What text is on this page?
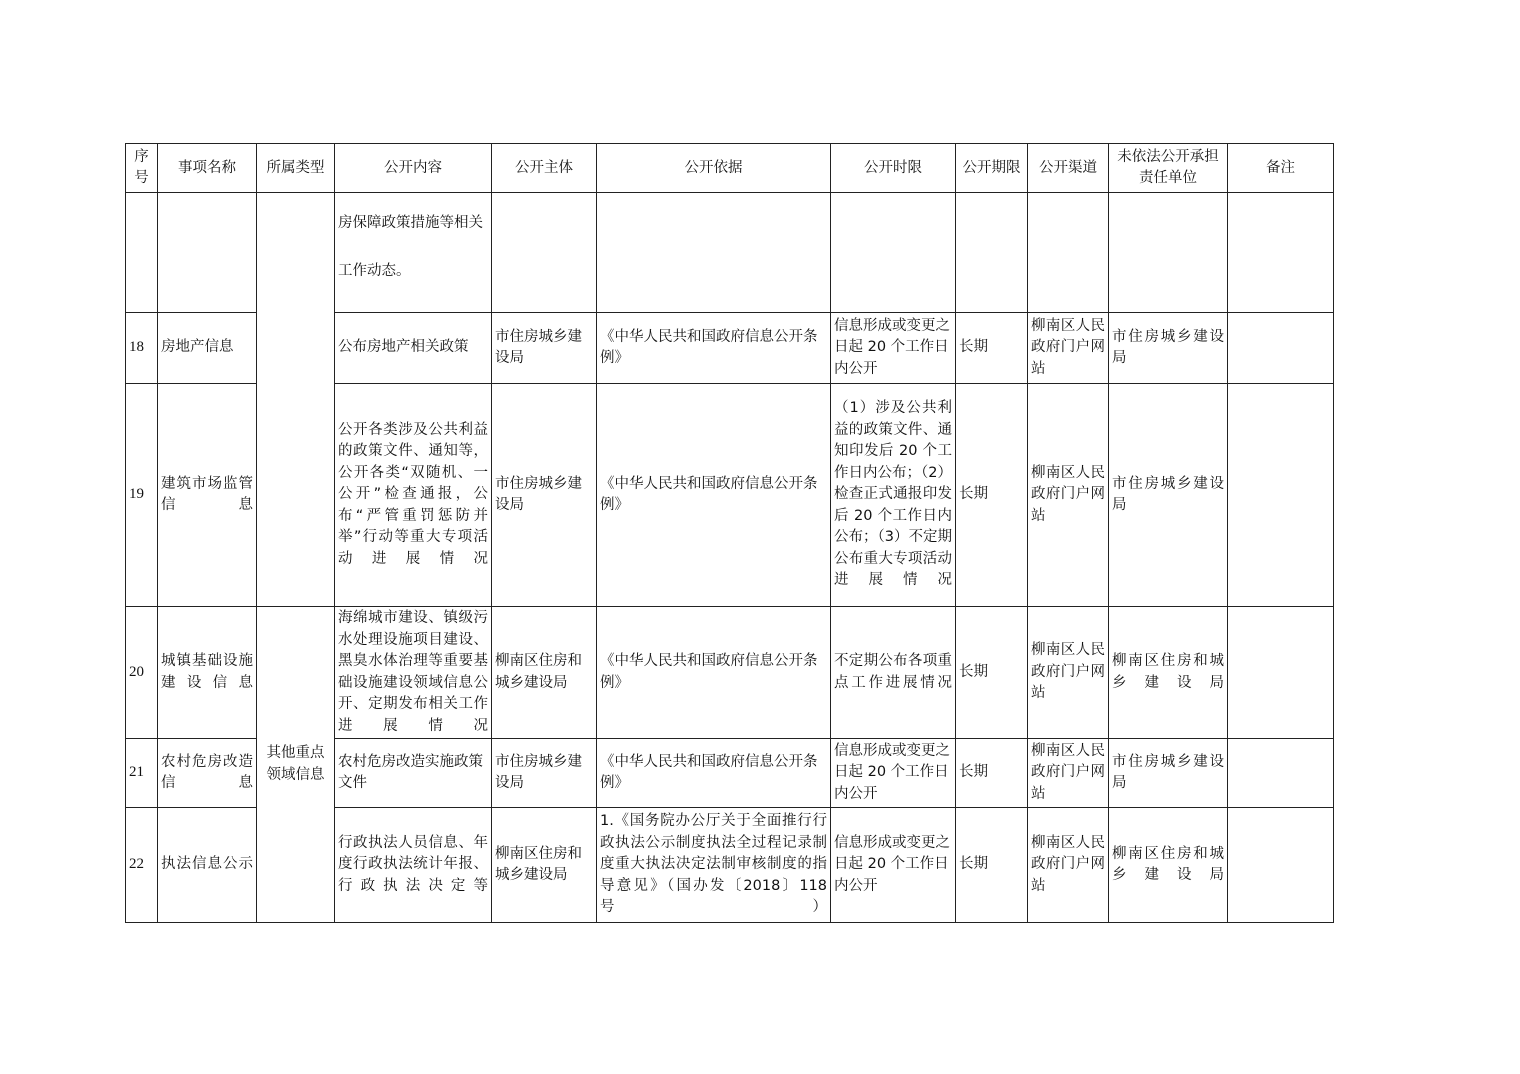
序号	事项名称	所属类型	公开内容	公开主体	公开依据	公开时限	公开期限	公开渠道	未依法公开承担责任单位	备注
			房保障政策措施等相关工作动态。							
18	房地产信息		公布房地产相关政策	市住房城乡建设局	《中华人民共和国政府信息公开条例》	信息形成或变更之日起 20 个工作日内公开	长期	柳南区人民政府门户网站	市住房城乡建设局	
19	建筑市场监管信息		公开各类涉及公共利益的政策文件、通知等，公开各类“双随机、一公开”检查通报，公布“严管重罚惩防并举”行动等重大专项活动进展情况	市住房城乡建设局	《中华人民共和国政府信息公开条例》	（1）涉及公共利益的政策文件、通知印发后 20 个工作日内公布；（2）检查正式通报印发后 20 个工作日内公布；（3）不定期公布重大专项活动进展情况	长期	柳南区人民政府门户网站	市住房城乡建设局	
20	城镇基础设施建设信息	其他重点领域信息	海绵城市建设、镇级污水处理设施项目建设、黑臭水体治理等重要基础设施建设领域信息公开、定期发布相关工作进展情况	柳南区住房和城乡建设局	《中华人民共和国政府信息公开条例》	不定期公布各项重点工作进展情况	长期	柳南区人民政府门户网站	柳南区住房和城乡建设局	
21	农村危房改造信息		农村危房改造实施政策文件	市住房城乡建设局	《中华人民共和国政府信息公开条例》	信息形成或变更之日起 20 个工作日内公开	长期	柳南区人民政府门户网站	市住房城乡建设局	
22	执法信息公示		行政执法人员信息、年度行政执法统计年报、行政执法决定等	柳南区住房和城乡建设局	1.《国务院办公厅关于全面推行行政执法公示制度执法全过程记录制度重大执法决定法制审核制度的指导意见》（国办发〔2018〕118 号）	信息形成或变更之日起 20 个工作日内公开	长期	柳南区人民政府门户网站	柳南区住房和城乡建设局	
